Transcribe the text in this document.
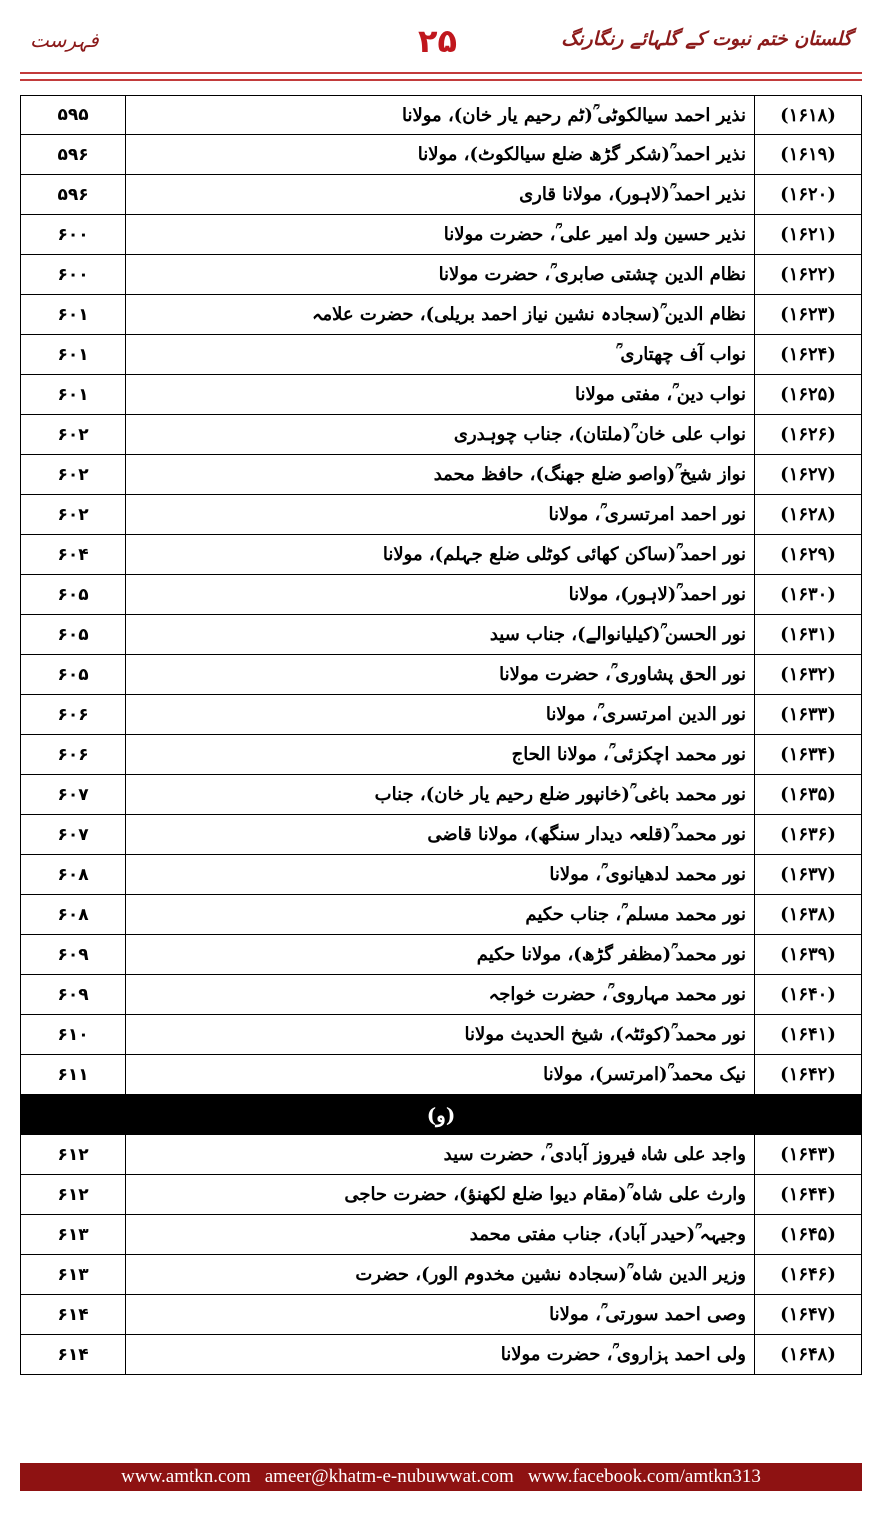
فہرست	۲۵	گلستان ختم نبوت کے گلہائے رنگارنگ
(۱۶۱۸)
نذیر احمد سیالکوٹی ؒ(ٹم رحیم یار خان)، مولانا
۵۹۵
(۱۶۱۹)
نذیر احمد ؒ(شکر گڑھ ضلع سیالکوٹ)، مولانا
۵۹۶
(۱۶۲۰)
نذیر احمد ؒ(لاہور)، مولانا قاری
۵۹۶
(۱۶۲۱)
نذیر حسین ولد امیر علی ؒ، حضرت مولانا
۶۰۰
(۱۶۲۲)
نظام الدین چشتی صابری ؒ، حضرت مولانا
۶۰۰
(۱۶۲۳)
نظام الدین ؒ(سجادہ نشین نیاز احمد بریلی)، حضرت علامہ
۶۰۱
(۱۶۲۴)
نواب آف چھتاری ؒ
۶۰۱
(۱۶۲۵)
نواب دین ؒ، مفتی مولانا
۶۰۱
(۱۶۲۶)
نواب علی خان ؒ(ملتان)، جناب چوہدری
۶۰۲
(۱۶۲۷)
نواز شیخ ؒ(واصو ضلع جھنگ)، حافظ محمد
۶۰۲
(۱۶۲۸)
نور احمد امرتسری ؒ، مولانا
۶۰۲
(۱۶۲۹)
نور احمد ؒ(ساکن کھائی کوٹلی ضلع جہلم)، مولانا
۶۰۴
(۱۶۳۰)
نور احمد ؒ(لاہور)، مولانا
۶۰۵
(۱۶۳۱)
نور الحسن ؒ(کیلیانوالے)، جناب سید
۶۰۵
(۱۶۳۲)
نور الحق پشاوری ؒ، حضرت مولانا
۶۰۵
(۱۶۳۳)
نور الدین امرتسری ؒ، مولانا
۶۰۶
(۱۶۳۴)
نور محمد اچکزئی ؒ، مولانا الحاج
۶۰۶
(۱۶۳۵)
نور محمد باغی ؒ(خانپور ضلع رحیم یار خان)، جناب
۶۰۷
(۱۶۳۶)
نور محمد ؒ(قلعہ دیدار سنگھ)، مولانا قاضی
۶۰۷
(۱۶۳۷)
نور محمد لدھیانوی ؒ، مولانا
۶۰۸
(۱۶۳۸)
نور محمد مسلم ؒ، جناب حکیم
۶۰۸
(۱۶۳۹)
نور محمد ؒ(مظفر گڑھ)، مولانا حکیم
۶۰۹
(۱۶۴۰)
نور محمد مہاروی ؒ، حضرت خواجہ
۶۰۹
(۱۶۴۱)
نور محمد ؒ(کوئٹہ)، شیخ الحدیث مولانا
۶۱۰
(۱۶۴۲)
نیک محمد ؒ(امرتسر)، مولانا
۶۱۱
(و)
(۱۶۴۳)
واجد علی شاہ فیروز آبادی ؒ، حضرت سید
۶۱۲
(۱۶۴۴)
وارث علی شاہ ؒ(مقام دیوا ضلع لکھنؤ)، حضرت حاجی
۶۱۲
(۱۶۴۵)
وجیہہ ؒ(حیدر آباد)، جناب مفتی محمد
۶۱۳
(۱۶۴۶)
وزیر الدین شاہ ؒ(سجادہ نشین مخدوم الور)، حضرت
۶۱۳
(۱۶۴۷)
وصی احمد سورتی ؒ، مولانا
۶۱۴
(۱۶۴۸)
ولی احمد ہزاروی ؒ، حضرت مولانا
۶۱۴
www.amtkn.com ameer@khatm-e-nubuwwat.com www.facebook.com/amtkn313
